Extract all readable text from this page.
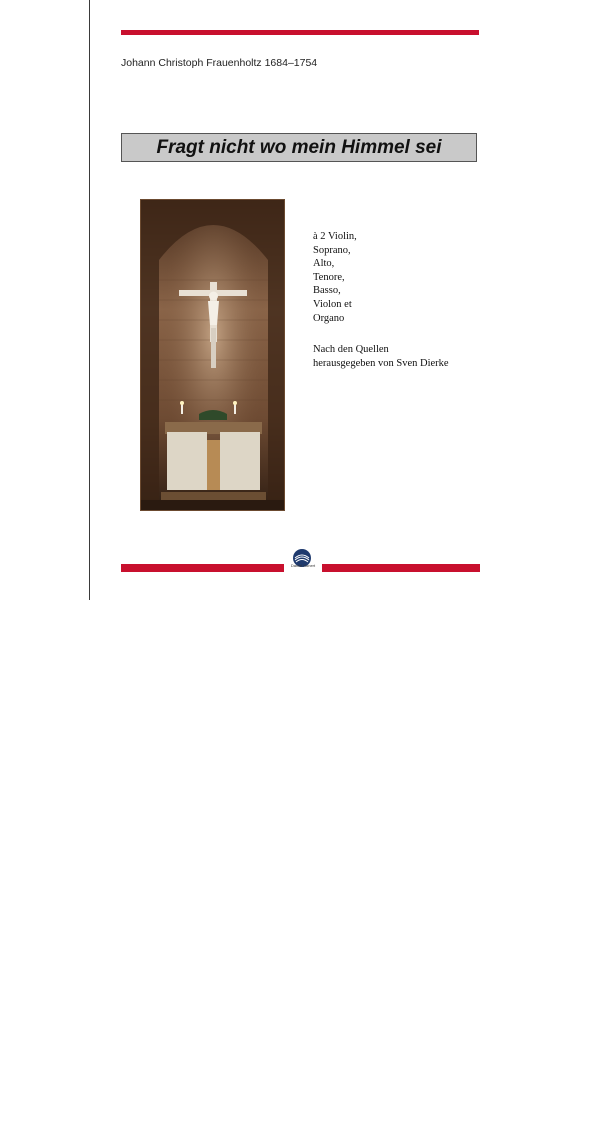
Johann Christoph Frauenholtz 1684–1754
Fragt nicht wo mein Himmel sei
à 2 Violin,
Soprano,
Alto,
Tenore,
Basso,
Violon et
Organo
Nach den Quellen
herausgegeben von Sven Dierke
0325-08
Daniel Kunert
